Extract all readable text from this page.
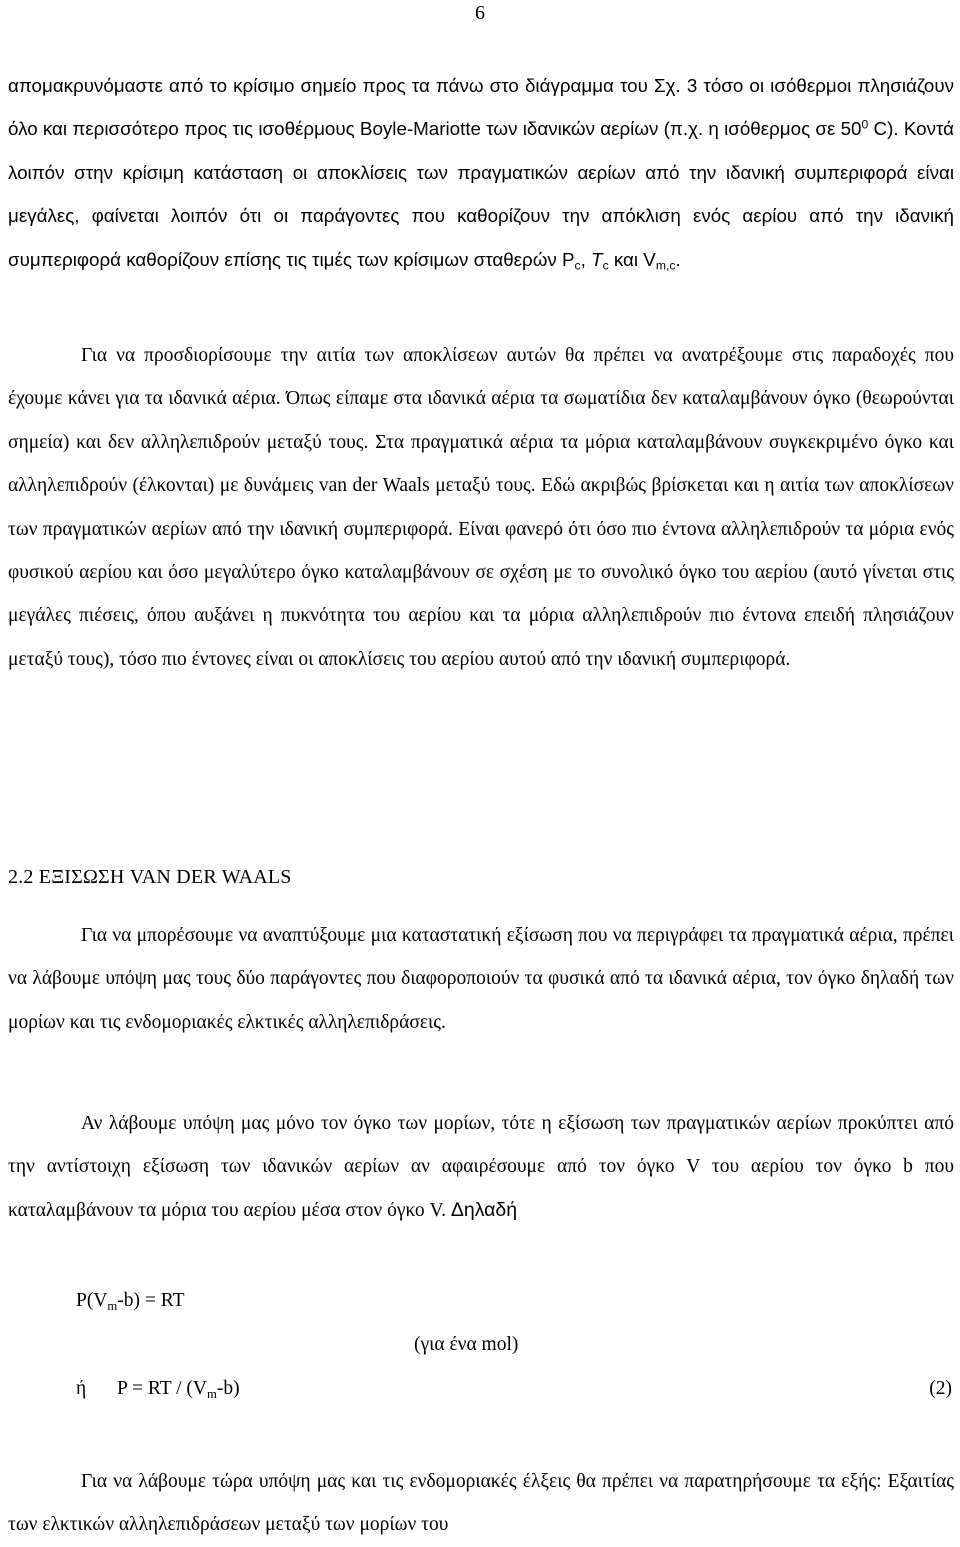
6
απομακρυνόμαστε από το κρίσιμο σημείο προς τα πάνω στο διάγραμμα του Σχ. 3 τόσο οι ισόθερμοι πλησιάζουν όλο και περισσότερο προς τις ισοθέρμους Boyle-Mariotte των ιδανικών αερίων (π.χ. η ισόθερμος σε $50^0$ C). Κοντά λοιπόν στην κρίσιμη κατάσταση οι αποκλίσεις των πραγματικών αερίων από την ιδανική συμπεριφορά είναι μεγάλες, φαίνεται λοιπόν ότι οι παράγοντες που καθορίζουν την απόκλιση ενός αερίου από την ιδανική συμπεριφορά καθορίζουν επίσης τις τιμές των κρίσιμων σταθερών $P_c$, $T_c$ και $V_{m,c}$.
Για να προσδιορίσουμε την αιτία των αποκλίσεων αυτών θα πρέπει να ανατρέξουμε στις παραδοχές που έχουμε κάνει για τα ιδανικά αέρια. Όπως είπαμε στα ιδανικά αέρια τα σωματίδια δεν καταλαμβάνουν όγκο (θεωρούνται σημεία) και δεν αλληλεπιδρούν μεταξύ τους. Στα πραγματικά αέρια τα μόρια καταλαμβάνουν συγκεκριμένο όγκο και αλληλεπιδρούν (έλκονται) με δυνάμεις van der Waals μεταξύ τους. Εδώ ακριβώς βρίσκεται και η αιτία των αποκλίσεων των πραγματικών αερίων από την ιδανική συμπεριφορά. Είναι φανερό ότι όσο πιο έντονα αλληλεπιδρούν τα μόρια ενός φυσικού αερίου και όσο μεγαλύτερο όγκο καταλαμβάνουν σε σχέση με το συνολικό όγκο του αερίου (αυτό γίνεται στις μεγάλες πιέσεις, όπου αυξάνει η πυκνότητα του αερίου και τα μόρια αλληλεπιδρούν πιο έντονα επειδή πλησιάζουν μεταξύ τους), τόσο πιο έντονες είναι οι αποκλίσεις του αερίου αυτού από την ιδανική συμπεριφορά.
2.2 ΕΞΙΣΩΣΗ VAN DER WAALS
Για να μπορέσουμε να αναπτύξουμε μια καταστατική εξίσωση που να περιγράφει τα πραγματικά αέρια, πρέπει να λάβουμε υπόψη μας τους δύο παράγοντες που διαφοροποιούν τα φυσικά από τα ιδανικά αέρια, τον όγκο δηλαδή των μορίων και τις ενδομοριακές ελκτικές αλληλεπιδράσεις.
Αν λάβουμε υπόψη μας μόνο τον όγκο των μορίων, τότε η εξίσωση των πραγματικών αερίων προκύπτει από την αντίστοιχη εξίσωση των ιδανικών αερίων αν αφαιρέσουμε από τον όγκο V του αερίου τον όγκο b που καταλαμβάνουν τα μόρια του αερίου μέσα στον όγκο V. Δηλαδή
$P(V_m-b)$ = RT
(για ένα mol)
ή P = RT / $(V_m-b)$	(2)
Για να λάβουμε τώρα υπόψη μας και τις ενδομοριακές έλξεις θα πρέπει να παρατηρήσουμε τα εξής: Εξαιτίας των ελκτικών αλληλεπιδράσεων μεταξύ των μορίων του
